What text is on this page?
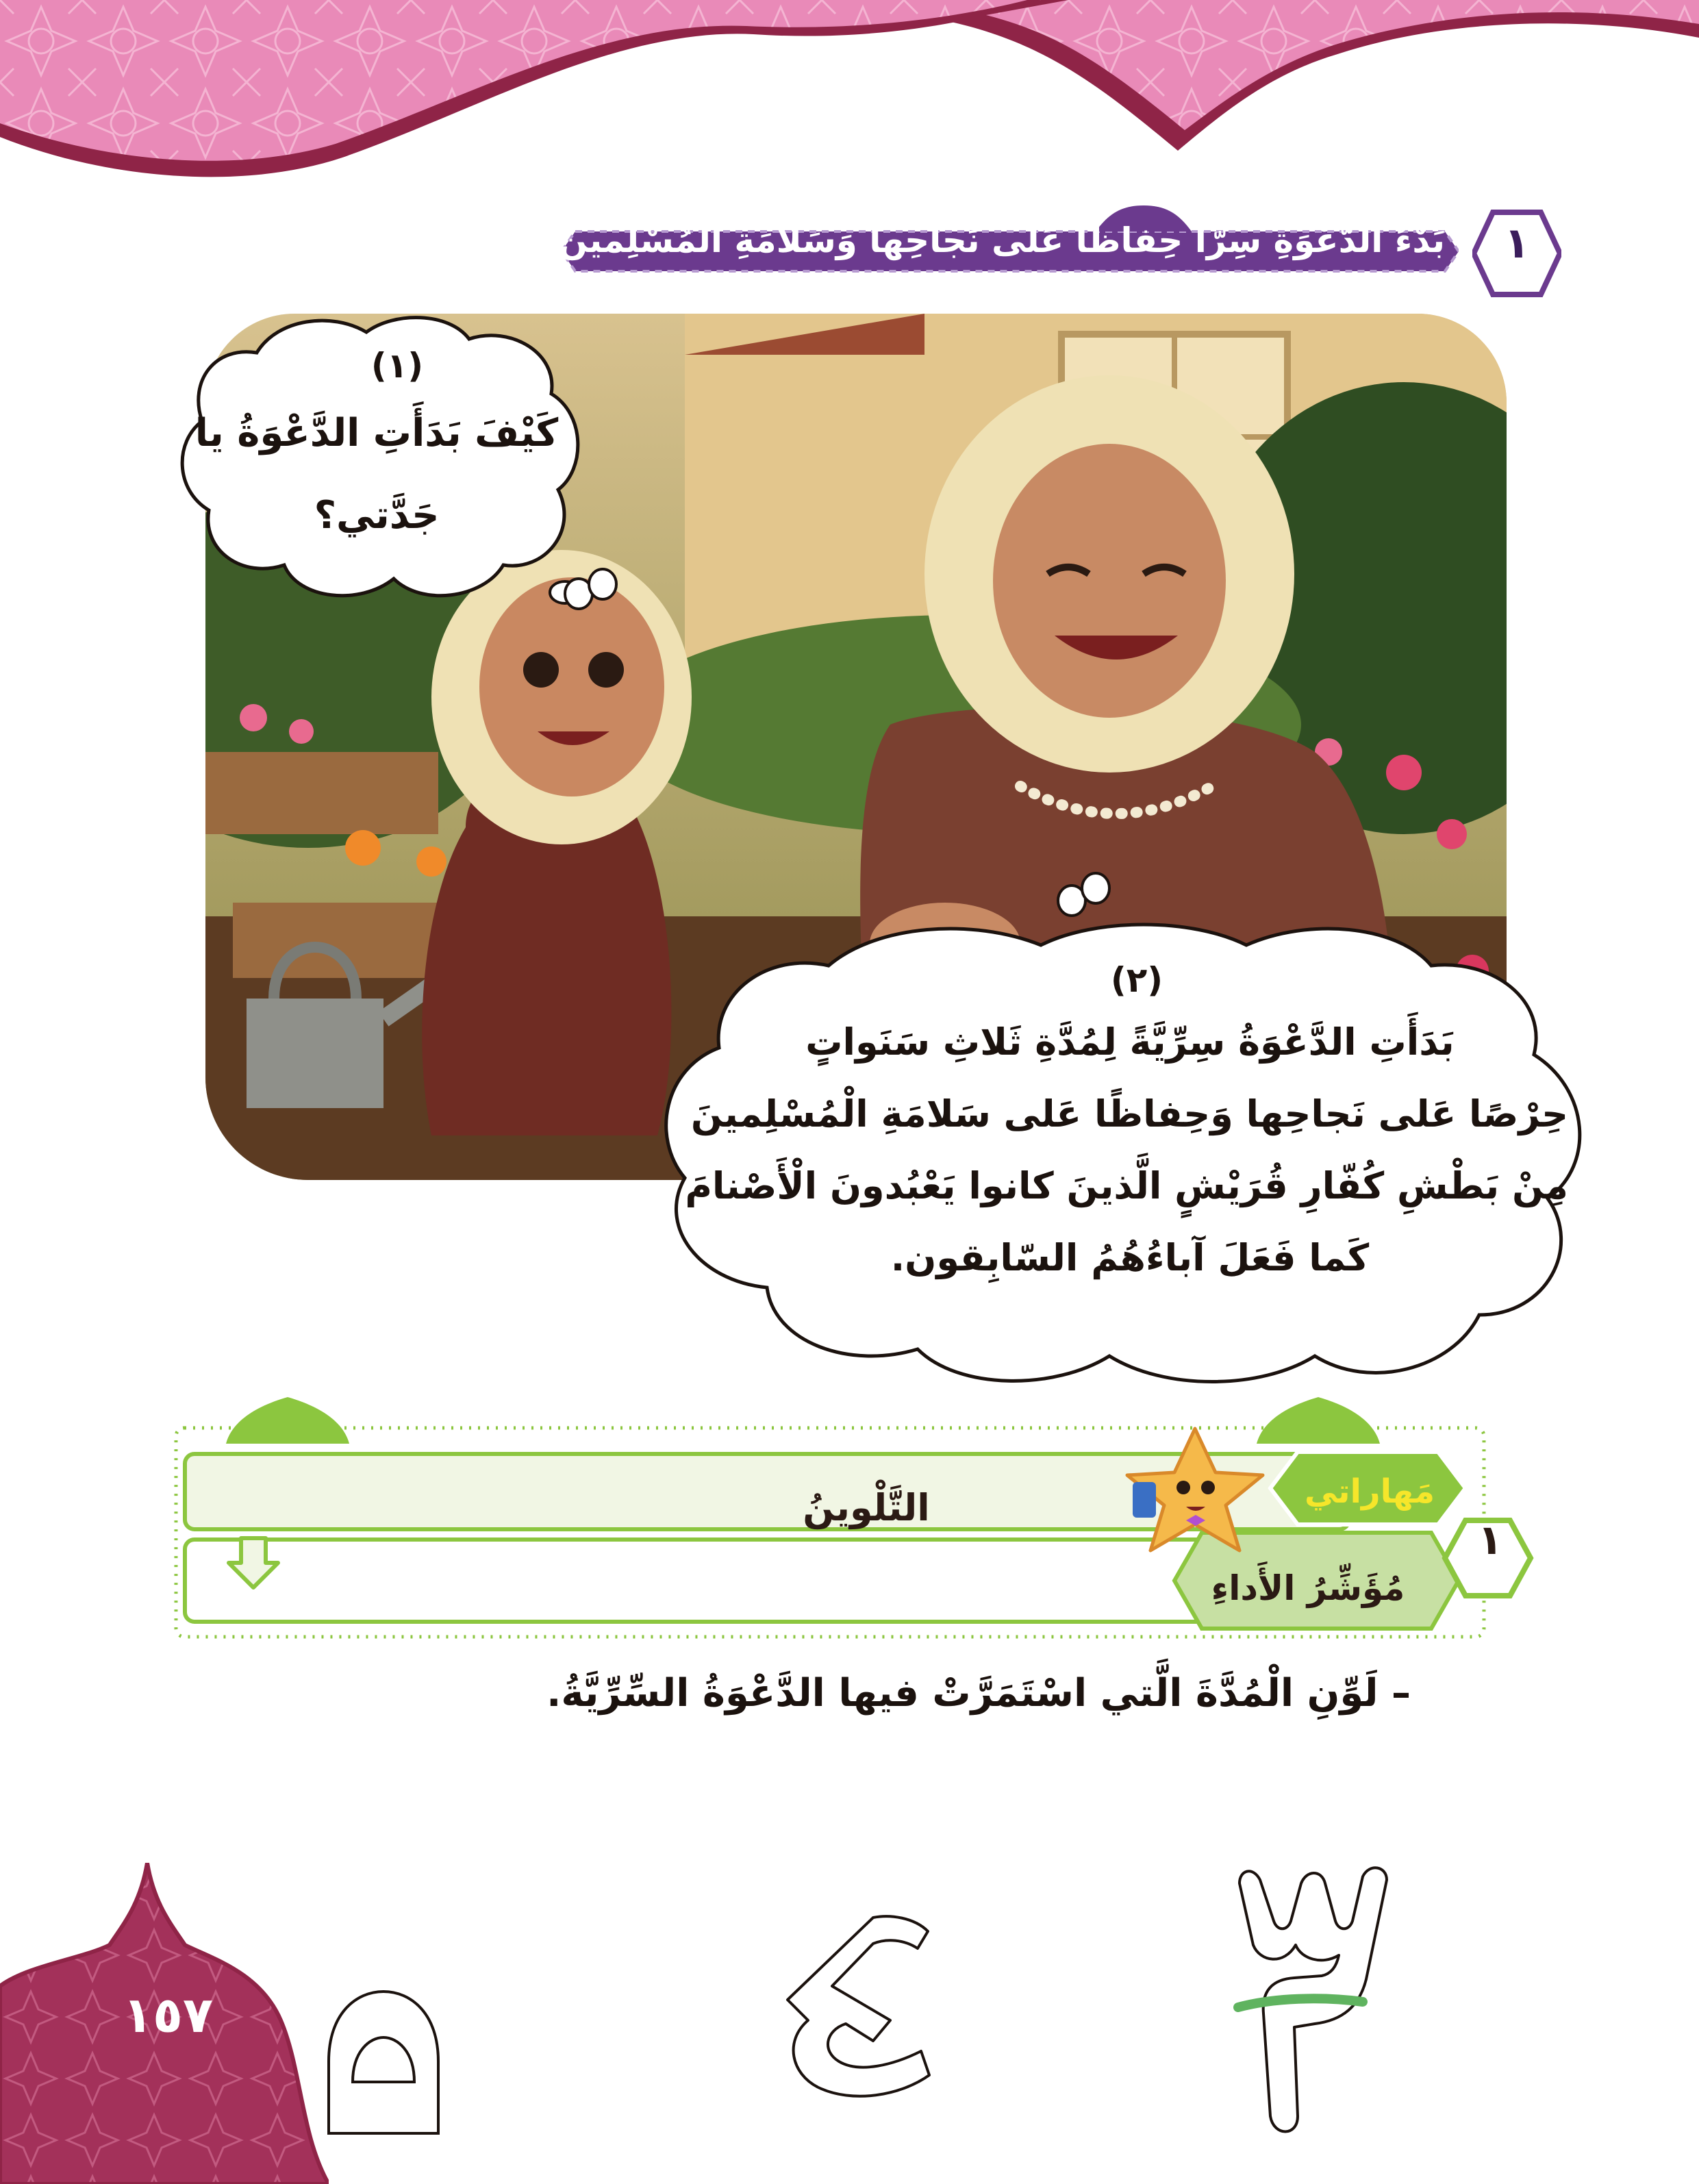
بَدْءُ الدَّعْوَةِ سِرًّا حِفاظًا عَلى نَجاحِها وَسَلامَةِ الْمُسْلِمين.	١
(١)
كَيْفَ بَدَأَتِ الدَّعْوَةُ يا
جَدَّتي؟
(٢)
بَدَأَتِ الدَّعْوَةُ سِرِّيَّةً لِمُدَّةِ ثَلاثِ سَنَواتٍ
حِرْصًا عَلى نَجاحِها وَحِفاظًا عَلى سَلامَةِ الْمُسْلِمينَ
مِنْ بَطْشِ كُفّارِ قُرَيْشٍ الَّذينَ كانوا يَعْبُدونَ الْأَصْنامَ
كَما فَعَلَ آباءُهُمُ السّابِقون.
مَهاراتي
التَّلْوينُ
مُؤَشِّرُ الأَداءِ
١
– لَوِّنِ الْمُدَّةَ الَّتي اسْتَمَرَّتْ فيها الدَّعْوَةُ السِّرِّيَّةُ.
١٥٧
